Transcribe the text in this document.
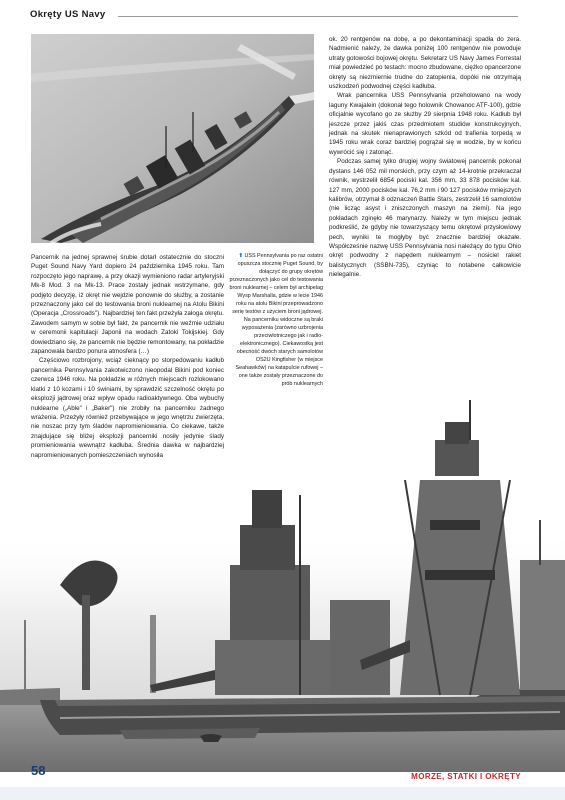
Okręty US Navy

Pancernik na jednej sprawnej śrubie dotarł ostatecznie do stoczni Puget Sound Navy Yard dopiero 24 października 1945 roku. Tam rozpoczęto jego naprawę, a przy okazji wymieniono radar artyleryjski Mk-8 Mod. 3 na Mk-13. Prace zostały jednak wstrzymane, gdy podjęto decyzję, iż okręt nie wejdzie ponownie do służby, a zostanie przeznaczony jako cel do testowania broni nuklearnej na Atolu Bikini (Operacja „Crossroads"). Najbardziej ten fakt przeżyła załoga okrętu. Zawodem samym w sobie był fakt, że pancernik nie weźmie udziału w ceremonii kapitulacji Japonii na wodach Zatoki Tokijskiej. Gdy dowiedziano się, że pancernik nie będzie remontowany, na pokładzie zapanowała bardzo ponura atmosfera (…)

Częściowo rozbrojony, wciąż cieknący po storpedowaniu kadłub pancernika Pennsylvania zakotwiczono nieopodal Bikini pod koniec czerwca 1946 roku. Na pokładzie w różnych miejscach rozlokowano klatki z 10 kozami i 10 świniami, by sprawdzić szczelność okrętu po eksplozji jądrowej oraz wpływ opadu radioaktywnego. Oba wybuchy nuklearne („Able" i „Baker") nie zrobiły na pancerniku żadnego wrażenia. Przeżyły również przebywające w jego wnętrzu zwierzęta, nie noszac przy tym śladów napromieniowania. Co ciekawe, także znajdujące się bliżej eksplozji pancerniki nosiły jedynie ślady promieniowania wewnątrz kadłuba. Średnia dawka w najbardziej napromieniowanych pomieszczeniach wynosiła

⬆ USS Pennsylvania po raz ostatni opuszcza stocznię Puget Sound, by dołączyć do grupy okrętów przeznaczonych jako cel do testowania broni nuklearnej – celem był archipelag Wysp Marshalla, gdzie w lecie 1946 roku na atolu Bikini przeprowadzono serię testów z użyciem broni jądrowej. Na pancerniku widoczne są braki wyposażenia (zarówno uzbrojenia przeciwlotniczego jak i radio-elektronicznego). Ciekawostką jest obecność dwóch starych samolotów OS2U Kingfisher (w miejsce Seahawków) na katapulcie rufowej – one także zostały przeznaczone do prób nuklearnych

ok. 20 rentgenów na dobę, a po dekontaminacji spadła do zera. Nadmienić należy, że dawka poniżej 100 rentgenów nie powoduje utraty gotowości bojowej okrętu. Sekretarz US Navy James Forrestal miał powiedzieć po testach: mocno zbudowane, ciężko opancerzone okręty są niezmiernie trudne do zatopienia, dopóki nie otrzymają uszkodzeń podwodnej części kadłuba.

Wrak pancernika USS Pennsylvania przeholowano na wody laguny Kwajalein (dokonał tego holownik Chowanoc ATF-100), gdzie oficjalnie wycofano go ze służby 29 sierpnia 1948 roku. Kadłub był jeszcze przez jakiś czas przedmiotem studiów konstrukcyjnych, jednak na skutek nienaprawionych szkód od trafienia torpedą w 1945 roku wrak coraz bardziej pogrążał się w wodzie, by w końcu wywrócić się i zatonąć.

Podczas samej tylko drugiej wojny światowej pancernik pokonał dystans 146 052 mil morskich, przy czym aż 14-krotnie przekraczał równik, wystrzelił 6854 pociski kal. 356 mm, 33 878 pocisków kal. 127 mm, 2000 pocisków kal. 76,2 mm i 90 127 pocisków mniejszych kalibrów, otrzymał 8 odznaczeń Battle Stars, zestrzelił 16 samolotów (nie licząc asyst i zniszczonych maszyn na ziemi). Na jego pokładach zginęło 46 marynarzy. Należy w tym miejscu jednak podkreślić, że gdyby nie towarzyszący temu okrętowi przysłowiowy pech, wyniki te mogłyby być znacznie bardziej okazałe. Współcześnie nazwę USS Pennsylvania nosi należący do typu Ohio okręt podwodny z napędem nuklearnym – nosiciel rakiet balistycznych (SSBN-735), czyniąc to notabene całkowicie nielegalnie.

58	MORZE, STATKI I OKRĘTY
